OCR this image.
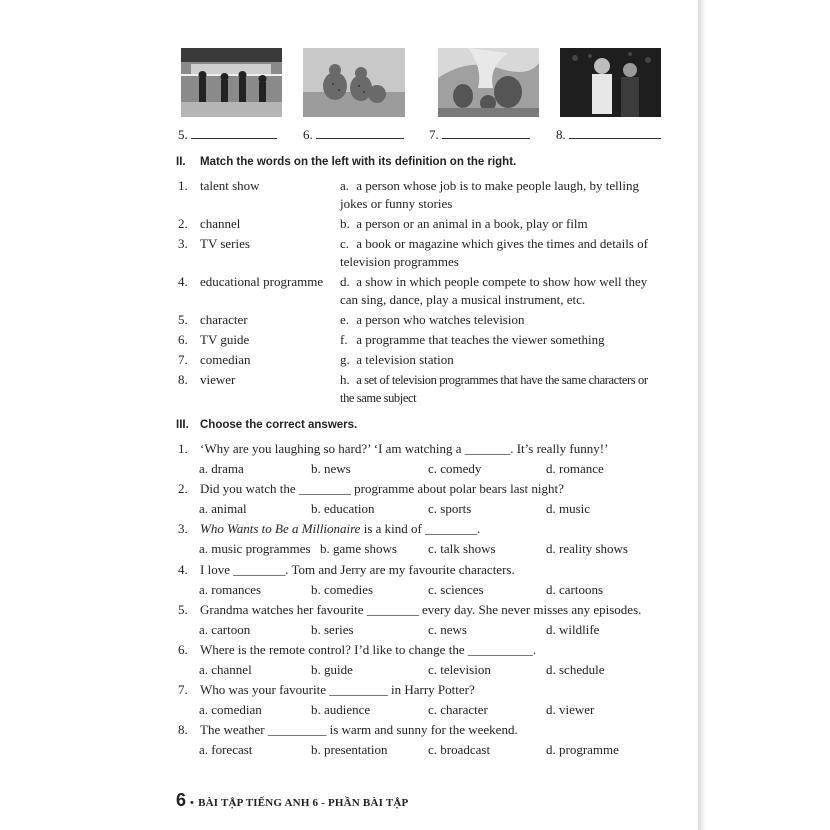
5.	6.	7.	8.
II. Match the words on the left with its definition on the right.
1. talent show	a. a person whose job is to make people laugh, by telling jokes or funny stories
2. channel	b. a person or an animal in a book, play or film
3. TV series	c. a book or magazine which gives the times and details of television programmes
4. educational programme d. a show in which people compete to show how well they can sing, dance, play a musical instrument, etc.
5. character	e. a person who watches television
6. TV guide	f. a programme that teaches the viewer something
7. comedian	g. a television station
8. viewer	h. a set of television programmes that have the same characters or the same subject
III. Choose the correct answers.
1. ‘Why are you laughing so hard?’ ‘I am watching a _______. It’s really funny!’
a. drama	b. news	c. comedy	d. romance
2. Did you watch the ________ programme about polar bears last night?
a. animal	b. education	c. sports	d. music
3. Who Wants to Be a Millionaire is a kind of ________.
a. music programmes b. game shows c. talk shows	d. reality shows
4. I love ________. Tom and Jerry are my favourite characters.
a. romances	b. comedies	c. sciences	d. cartoons
5. Grandma watches her favourite ________ every day. She never misses any episodes.
a. cartoon	b. series	c. news	d. wildlife
6. Where is the remote control? I’d like to change the __________.
a. channel	b. guide	c. television	d. schedule
7. Who was your favourite _________ in Harry Potter?
a. comedian	b. audience	c. character	d. viewer
8. The weather _________ is warm and sunny for the weekend.
a. forecast	b. presentation	c. broadcast	d. programme
6 • BÀI TẬP TIẾNG ANH 6 - PHẦN BÀI TẬP
